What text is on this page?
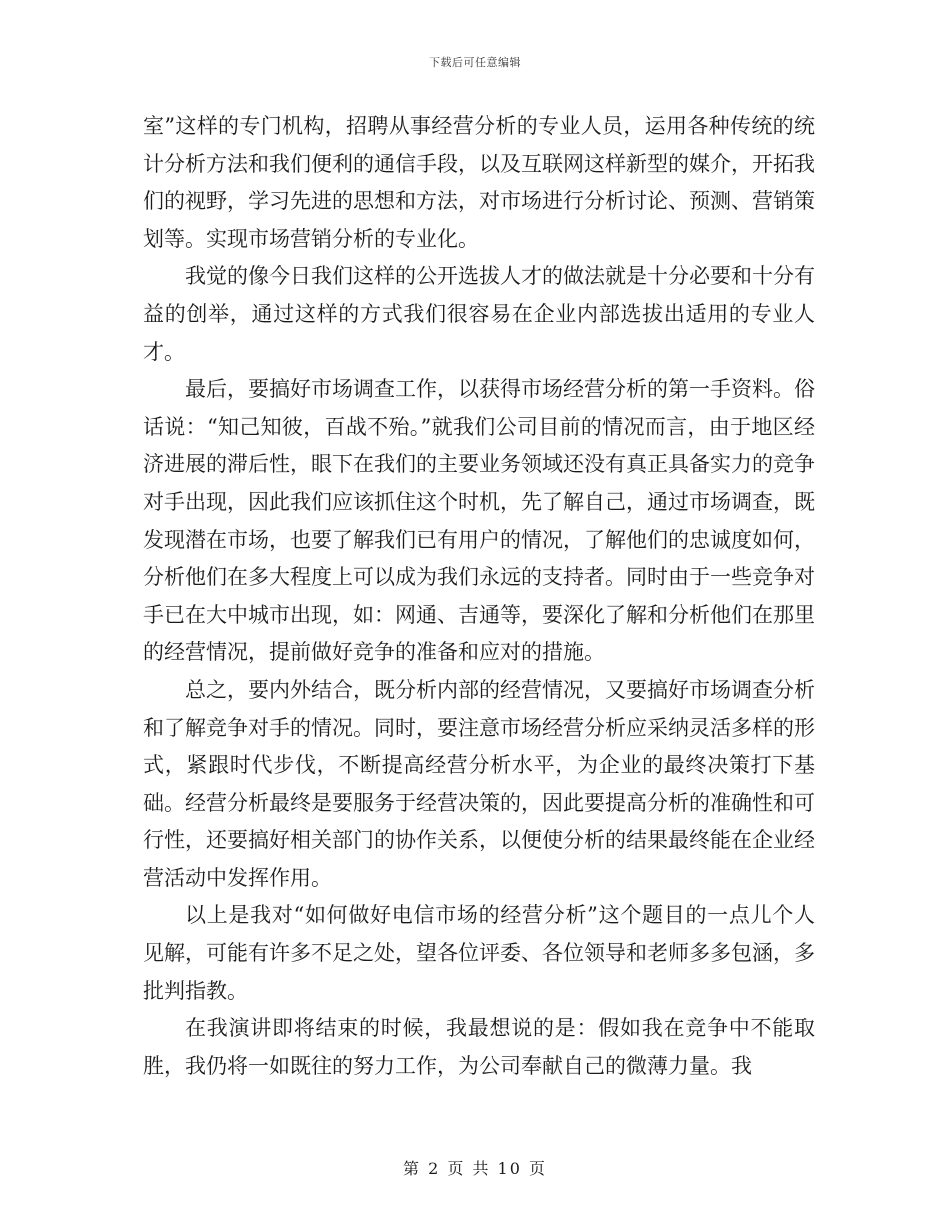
下载后可任意编辑

室”这样的专门机构，招聘从事经营分析的专业人员，运用各种传统的统计分析方法和我们便利的通信手段，以及互联网这样新型的媒介，开拓我们的视野，学习先进的思想和方法，对市场进行分析讨论、预测、营销策划等。实现市场营销分析的专业化。

我觉的像今日我们这样的公开选拔人才的做法就是十分必要和十分有益的创举，通过这样的方式我们很容易在企业内部选拔出适用的专业人才。

最后，要搞好市场调查工作，以获得市场经营分析的第一手资料。俗话说：“知己知彼，百战不殆。”就我们公司目前的情况而言，由于地区经济进展的滞后性，眼下在我们的主要业务领域还没有真正具备实力的竞争对手出现，因此我们应该抓住这个时机，先了解自己，通过市场调查，既发现潜在市场，也要了解我们已有用户的情况，了解他们的忠诚度如何，分析他们在多大程度上可以成为我们永远的支持者。同时由于一些竞争对手已在大中城市出现，如：网通、吉通等，要深化了解和分析他们在那里的经营情况，提前做好竞争的准备和应对的措施。

总之，要内外结合，既分析内部的经营情况，又要搞好市场调查分析和了解竞争对手的情况。同时，要注意市场经营分析应采纳灵活多样的形式，紧跟时代步伐，不断提高经营分析水平，为企业的最终决策打下基础。经营分析最终是要服务于经营决策的，因此要提高分析的准确性和可行性，还要搞好相关部门的协作关系，以便使分析的结果最终能在企业经营活动中发挥作用。

以上是我对“如何做好电信市场的经营分析”这个题目的一点儿个人见解，可能有许多不足之处，望各位评委、各位领导和老师多多包涵，多批判指教。

在我演讲即将结束的时候，我最想说的是：假如我在竞争中不能取胜，我仍将一如既往的努力工作，为公司奉献自己的微薄力量。我

第 2 页 共 10 页
